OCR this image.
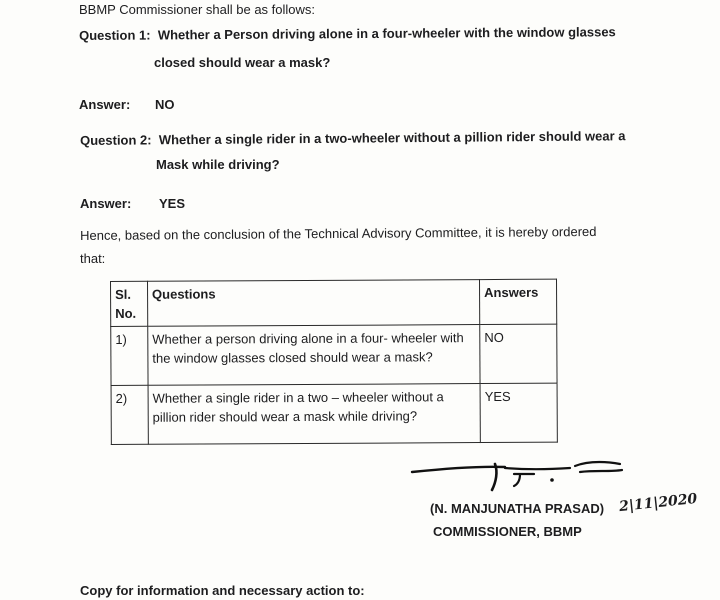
BBMP Commissioner shall be as follows:
Question 1: Whether a Person driving alone in a four-wheeler with the window glasses
closed should wear a mask?
Answer: NO
Question 2: Whether a single rider in a two-wheeler without a pillion rider should wear a
Mask while driving?
Answer: YES
Hence, based on the conclusion of the Technical Advisory Committee, it is hereby ordered
that:
Sl.
No.	Questions	Answers
1)	Whether a person driving alone in a four- wheeler with
the window glasses closed should wear a mask?	NO
2)	Whether a single rider in a two – wheeler without a
pillion rider should wear a mask while driving?	YES
(N. MANJUNATHA PRASAD) 2|11|2020
COMMISSIONER, BBMP
Copy for information and necessary action to:
